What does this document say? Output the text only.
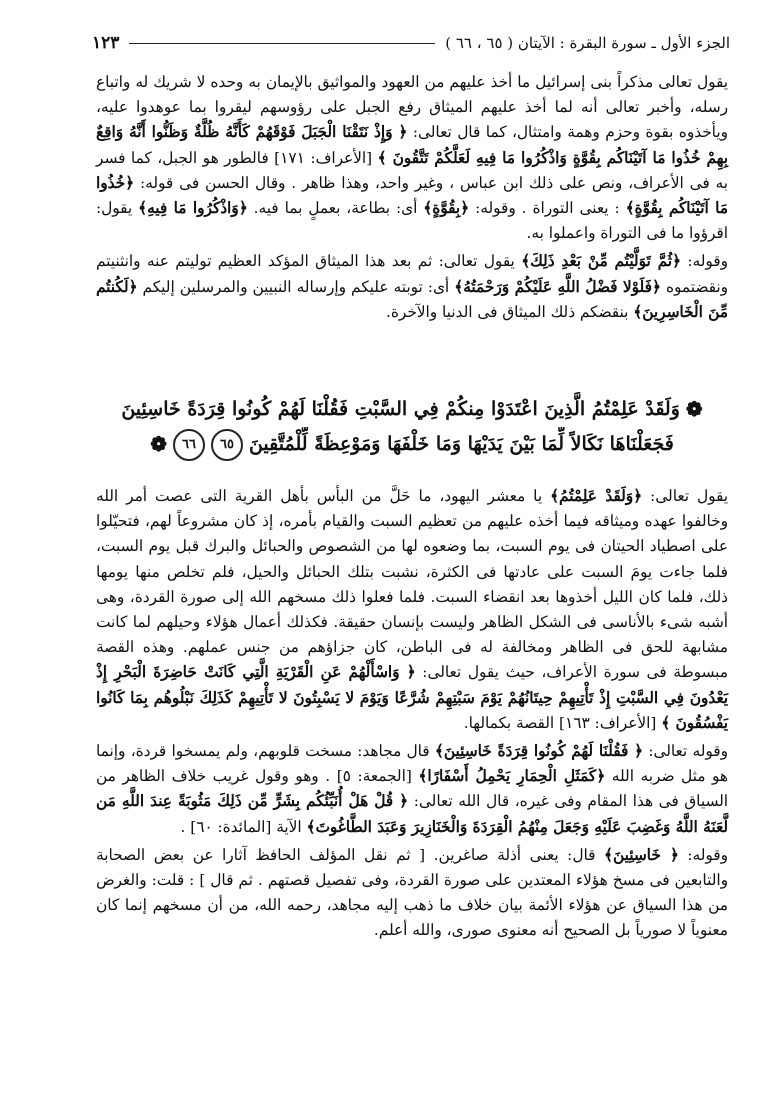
الجزء الأول ـ سورة البقرة : الآيتان ( ٦٥ ، ٦٦ )
١٢٣

يقول تعالى مذكراً بنى إسرائيل ما أخذ عليهم من العهود والمواثيق بالإيمان به وحده لا شريك له واتباع رسله، وأخبر تعالى أنه لما أخذ عليهم الميثاق رفع الجبل على رؤوسهم ليقروا بما عوهدوا عليه، ويأخذوه بقوة وحزم وهمة وامتثال، كما قال تعالى: ﴿ وَإِذْ نَتَقْنَا الْجَبَلَ فَوْقَهُمْ كَأَنَّهُ ظُلَّةٌ وَظَنُّوا أَنَّهُ وَاقِعٌ بِهِمْ خُذُوا مَا آتَيْنَاكُم بِقُوَّةٍ وَاذْكُرُوا مَا فِيهِ لَعَلَّكُمْ تَتَّقُونَ ﴾ [الأعراف: ١٧١] فالطور هو الجبل، كما فسر به فى الأعراف، ونص على ذلك ابن عباس ، وغير واحد، وهذا ظاهر . وقال الحسن فى قوله: ﴿خُذُوا مَا آتَيْنَاكُم بِقُوَّةٍ﴾ : يعنى التوراة . وقوله: ﴿بِقُوَّةٍ﴾ أى: بطاعة، بعملٍ بما فيه. ﴿وَاذْكُرُوا مَا فِيهِ﴾ يقول: اقرؤوا ما فى التوراة واعملوا به.

وقوله: ﴿ثُمَّ تَوَلَّيْتُم مِّنْ بَعْدِ ذَلِكَ﴾ يقول تعالى: ثم بعد هذا الميثاق المؤكد العظيم توليتم عنه وانثنيتم ونقضتموه ﴿فَلَوْلا فَضْلُ اللَّهِ عَلَيْكُمْ وَرَحْمَتُهُ﴾ أى: توبته عليكم وإرساله النبيين والمرسلين إليكم ﴿لَكُنتُم مِّنَ الْخَاسِرِينَ﴾ بنقضكم ذلك الميثاق فى الدنيا والآخرة.

❁
وَلَقَدْ عَلِمْتُمُ الَّذِينَ اعْتَدَوْا مِنكُمْ فِي السَّبْتِ فَقُلْنَا لَهُمْ كُونُوا قِرَدَةً خَاسِئِينَ
فَجَعَلْنَاهَا نَكَالاً لِّمَا بَيْنَ يَدَيْهَا وَمَا خَلْفَهَا وَمَوْعِظَةً لِّلْمُتَّقِينَ
٦٥
٦٦
❁

يقول تعالى: ﴿وَلَقَدْ عَلِمْتُمُ﴾ يا معشر اليهود، ما حَلَّ من البأس بأهل القرية التى عصت أمر الله وخالفوا عهده وميثاقه فيما أخذه عليهم من تعظيم السبت والقيام بأمره، إذ كان مشروعاً لهم، فتحيّلوا على اصطياد الحيتان فى يوم السبت، بما وضعوه لها من الشصوص والحبائل والبرك قبل يوم السبت، فلما جاءت يومَ السبت على عادتها فى الكثرة، نشبت بتلك الحبائل والحيل، فلم تخلص منها يومها ذلك، فلما كان الليل أخذوها بعد انقضاء السبت. فلما فعلوا ذلك مسخهم الله إلى صورة القردة، وهى أشبه شىء بالأناسى فى الشكل الظاهر وليست بإنسان حقيقة. فكذلك أعمال هؤلاء وحيلهم لما كانت مشابهة للحق فى الظاهر ومخالفة له فى الباطن، كان جزاؤهم من جنس عملهم. وهذه القصة مبسوطة فى سورة الأعراف، حيث يقول تعالى: ﴿ وَاسْأَلْهُمْ عَنِ الْقَرْيَةِ الَّتِي كَانَتْ حَاضِرَةَ الْبَحْرِ إِذْ يَعْدُونَ فِي السَّبْتِ إِذْ تَأْتِيهِمْ حِيتَانُهُمْ يَوْمَ سَبْتِهِمْ شُرَّعًا وَيَوْمَ لا يَسْبِتُونَ لا تَأْتِيهِمْ كَذَلِكَ نَبْلُوهُم بِمَا كَانُوا يَفْسُقُونَ ﴾ [الأعراف: ١٦٣] القصة بكمالها.

وقوله تعالى: ﴿ فَقُلْنَا لَهُمْ كُونُوا قِرَدَةً خَاسِئِينَ﴾ قال مجاهد: مسخت قلوبهم، ولم يمسخوا قردة، وإنما هو مثل ضربه الله ﴿كَمَثَلِ الْحِمَارِ يَحْمِلُ أَسْفَارًا﴾ [الجمعة: ٥] . وهو وقول غريب خلاف الظاهر من السياق فى هذا المقام وفى غيره، قال الله تعالى: ﴿ قُلْ هَلْ أُنَبِّئُكُم بِشَرٍّ مِّن ذَلِكَ مَثُوبَةً عِندَ اللَّهِ مَن لَّعَنَهُ اللَّهُ وَغَضِبَ عَلَيْهِ وَجَعَلَ مِنْهُمُ الْقِرَدَةَ وَالْخَنَازِيرَ وَعَبَدَ الطَّاغُوتَ﴾ الآية [المائدة: ٦٠] .

وقوله: ﴿ خَاسِئِينَ﴾ قال: يعنى أذلة صاغرين. [ ثم نقل المؤلف الحافظ آثارا عن بعض الصحابة والتابعين فى مسخ هؤلاء المعتدين على صورة القردة، وفى تفصيل قصتهم . ثم قال ] : قلت: والغرض من هذا السياق عن هؤلاء الأئمة بيان خلاف ما ذهب إليه مجاهد، رحمه الله، من أن مسخهم إنما كان معنوياً لا صورياً بل الصحيح أنه معنوى صورى، والله أعلم.
